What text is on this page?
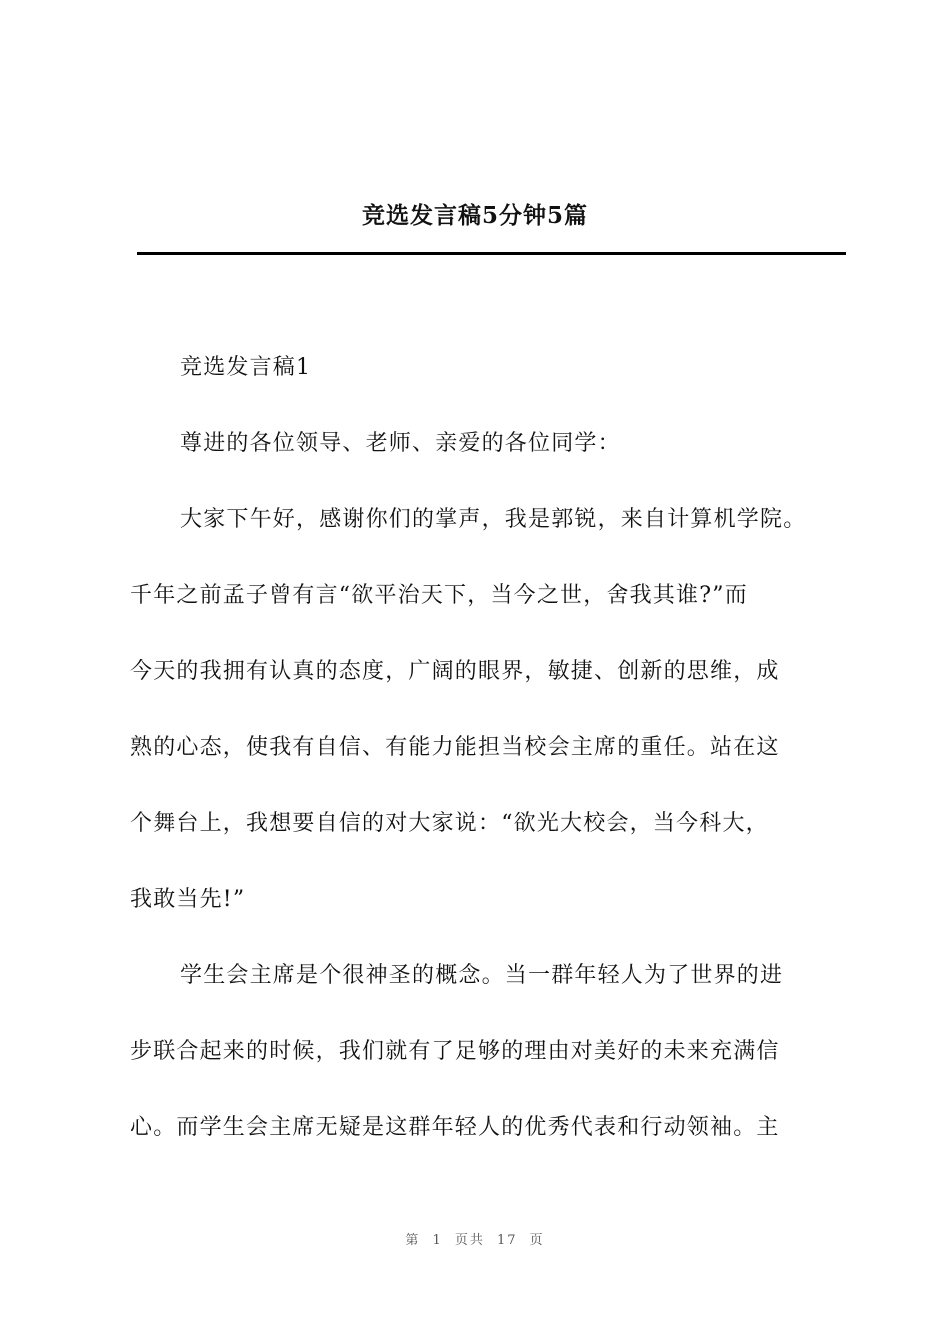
竞选发言稿5分钟5篇
竞选发言稿1
尊进的各位领导、老师、亲爱的各位同学：
大家下午好，感谢你们的掌声，我是郭锐，来自计算机学院。
千年之前孟子曾有言“欲平治天下，当今之世，舍我其谁?”而
今天的我拥有认真的态度，广阔的眼界，敏捷、创新的思维，成
熟的心态，使我有自信、有能力能担当校会主席的重任。站在这
个舞台上，我想要自信的对大家说：“欲光大校会，当今科大，
我敢当先!”
学生会主席是个很神圣的概念。当一群年轻人为了世界的进
步联合起来的时候，我们就有了足够的理由对美好的未来充满信
心。而学生会主席无疑是这群年轻人的优秀代表和行动领袖。主
第 1 页共 17 页
